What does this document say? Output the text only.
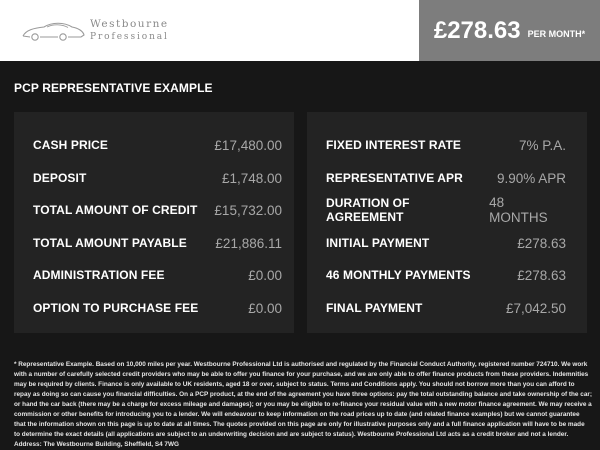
Westbourne
Professional	£278.63 PER MONTH*
PCP REPRESENTATIVE EXAMPLE
CASH PRICE	£17,480.00
DEPOSIT	£1,748.00
TOTAL AMOUNT OF CREDIT £15,732.00
TOTAL AMOUNT PAYABLE £21,886.11
ADMINISTRATION FEE	£0.00
OPTION TO PURCHASE FEE	£0.00
FIXED INTEREST RATE	7% P.A.
REPRESENTATIVE APR	9.90% APR
DURATION OF AGREEMENT
48 MONTHS
INITIAL PAYMENT	£278.63
46 MONTHLY PAYMENTS	£278.63
FINAL PAYMENT	£7,042.50

* Representative Example. Based on 10,000 miles per year. Westbourne Professional Ltd is authorised and regulated by the Financial Conduct Authority, registered number 724710. We work with a number of carefully selected credit providers who may be able to offer you finance for your purchase, and we are only able to offer finance products from these providers. Indemnities may be required by clients. Finance is only available to UK residents, aged 18 or over, subject to status. Terms and Conditions apply. You should not borrow more than you can afford to repay as doing so can cause you financial difficulties. On a PCP product, at the end of the agreement you have three options: pay the total outstanding balance and take ownership of the car; or hand the car back (there may be a charge for excess mileage and damages); or you may be eligible to re-finance your residual value with a new motor finance agreement. We may receive a commission or other benefits for introducing you to a lender. We will endeavour to keep information on the road prices up to date (and related finance examples) but we cannot guarantee that the information shown on this page is up to date at all times. The quotes provided on this page are only for illustrative purposes only and a full finance application will have to be made to determine the exact details (all applications are subject to an underwriting decision and are subject to status). Westbourne Professional Ltd acts as a credit broker and not a lender. Address: The Westbourne Building, Sheffield, S4 7WG
